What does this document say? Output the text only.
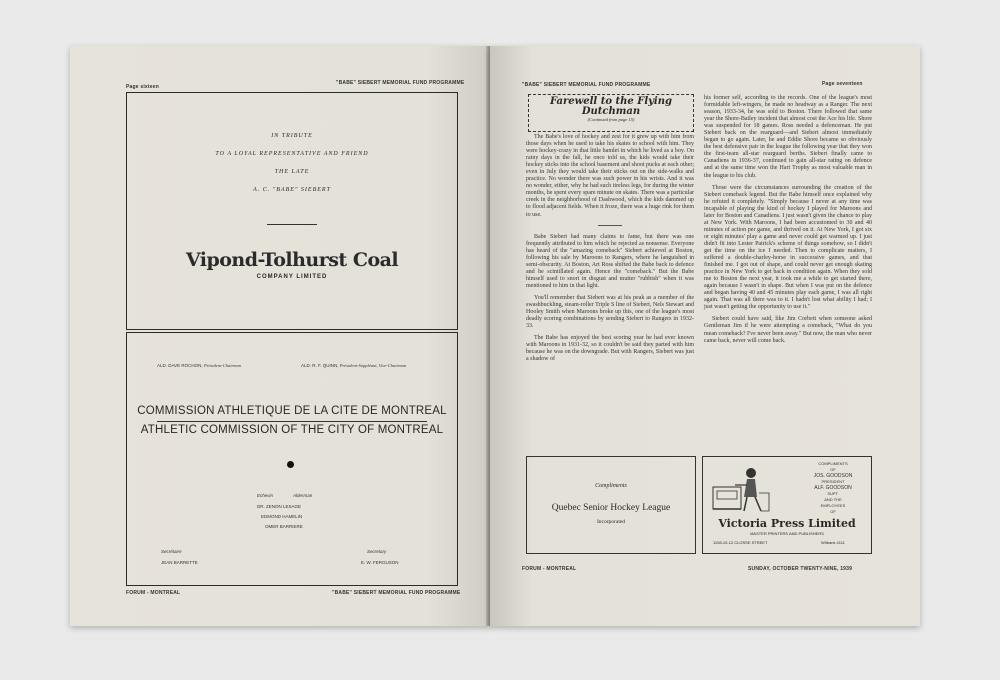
Page sixteen
"BABE" SIEBERT MEMORIAL FUND PROGRAMME
IN TRIBUTE
TO A LOYAL REPRESENTATIVE AND FRIEND
THE LATE
A. C. "BABE" SIEBERT
Vipond-Tolhurst Coal
COMPANY LIMITED
ALD. DAVE ROCHON, Président-Chairman	ALD. R. F. QUINN, Président-Suppléant, Vice-Chairman
COMMISSION ATHLETIQUE DE LA CITE DE MONTREAL
ATHLETIC COMMISSION OF THE CITY OF MONTREAL
Echevin	Alderman
DR. ZENON LESAGE
EDMOND HAMELIN
OMER BARRIERE
Secrétaire
JEAN BARRETTE
Secretary
E. W. FERGUSON
FORUM - MONTREAL	"BABE" SIEBERT MEMORIAL FUND PROGRAMME
"BABE" SIEBERT MEMORIAL FUND PROGRAMME	Page seventeen
Farewell to the Flying
Dutchman
(Continued from page 15)

The Babe's love of hockey and zest for it grew up with him from those days when he used to take his skates to school with him. They were hockey-crazy in that little hamlet in which he lived as a boy. On rainy days in the fall, he once told us, the kids would take their hockey sticks into the school basement and shoot pucks at each other; even in July they would take their sticks out on the side-walks and practice. No wonder there was such power in his wrists. And it was no wonder, either, why he had such tireless legs, for during the winter months, he spent every spare minute on skates. There was a particular creek in the neighborhood of Dashwood, which the kids dammed up to flood adjacent fields. When it froze, there was a huge rink for them to use.

Babe Siebert had many claims to fame, but there was one frequently attributed to him which he rejected as nonsense. Everyone has heard of the "amazing comeback" Siebert achieved at Boston, following his sale by Maroons to Rangers, where he languished in semi-obscurity. At Boston, Art Ross shifted the Babe back to defence and he scintillated again. Hence the "comeback." But the Babe himself used to snort in disgust and mutter "rubbish" when it was mentioned to him in that light.

You'll remember that Siebert was at his peak as a member of the swashbuckling, steam-roller Triple S line of Siebert, Nels Stewart and Hooley Smith when Maroons broke up this, one of the league's most deadly scoring combinations by sending Siebert to Rangers in 1932-33.

The Babe has enjoyed the best scoring year he had ever known with Maroons in 1931-32, so it couldn't be said they parted with him because he was on the downgrade. But with Rangers, Siebert was just a shadow of

his former self, according to the records. One of the league's most formidable left-wingers, he made no headway as a Ranger. The next season, 1933-34, he was sold to Boston. There followed that same year the Shore-Bailey incident that almost cost the Ace his life. Shore was suspended for 18 games. Ross needed a defenceman. He put Siebert back on the rearguard—and Siebert almost immediately began to go again. Later, he and Eddie Shore became so obviously the best defensive pair in the league the following year that they won the first-team all-star rearguard berths. Siebert finally came to Canadiens in 1936-37, continued to gain all-star rating on defence and at the same time won the Hart Trophy as most valuable man in the league to his club.

Those were the circumstances surrounding the creation of the Siebert comeback legend. But the Babe himself once explained why he refuted it completely. "Simply because I never at any time was incapable of playing the kind of hockey I played for Maroons and later for Boston and Canadiens. I just wasn't given the chance to play at New York. With Maroons, I had been accustomed to 30 and 40 minutes of action per game, and thrived on it. At New York, I got six or eight minutes' play a game and never could get warmed up. I just didn't fit into Lester Patrick's scheme of things somehow, so I didn't get the time on the ice I needed. Then to complicate matters, I suffered a double-charley-horse in successive games, and that finished me. I got out of shape, and could never get enough skating practice in New York to get back in condition again. When they sold me to Boston the next year, it took me a while to get started there, again because I wasn't in shape. But when I was put on the defence and began having 40 and 45 minutes play each game, I was all right again. That was all there was to it. I hadn't lost what ability I had; I just wasn't getting the opportunity to use it."

Siebert could have said, like Jim Corbett when someone asked Gentleman Jim if he were attempting a comeback, "What do you mean comeback? I've never been away." But now, the man who never came back, never will come back.

Compliments
Quebec Senior Hockey League
Incorporated
COMPLIMENTS
OF
JOS. GOODSON
PRESIDENT
ALF. GOODSON
SUPT.
AND THE
EMPLOYEES
OF
Victoria Press Limited
MASTER PRINTERS AND PUBLISHERS
1108-10-12 CLOSSE STREET	WIlbank 4111
FORUM - MONTREAL	SUNDAY, OCTOBER TWENTY-NINE, 1939
